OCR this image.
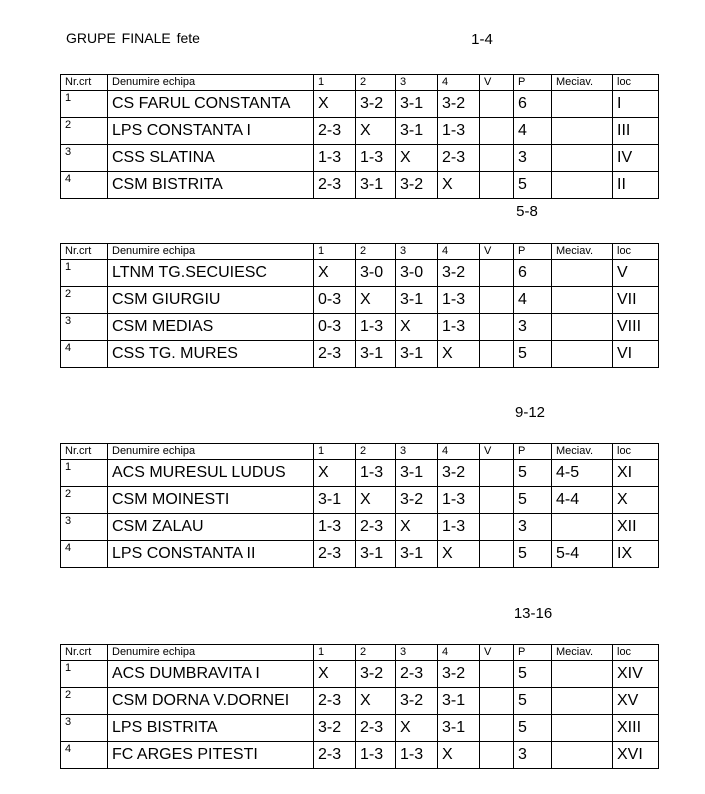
GRUPE FINALE fete	1-4
Nr.crt	Denumire echipa	1	2	3	4	V	P	Meciav.	loc
1	CS FARUL CONSTANTA	X	3-2	3-1	3-2		6		I
2	LPS CONSTANTA I	2-3	X	3-1	1-3		4		III
3	CSS SLATINA	1-3	1-3	X	2-3		3		IV
4	CSM BISTRITA	2-3	3-1	3-2	X		5		II
5-8
Nr.crt	Denumire echipa	1	2	3	4	V	P	Meciav.	loc
1	LTNM TG.SECUIESC	X	3-0	3-0	3-2		6		V
2	CSM GIURGIU	0-3	X	3-1	1-3		4		VII
3	CSM MEDIAS	0-3	1-3	X	1-3		3		VIII
4	CSS TG. MURES	2-3	3-1	3-1	X		5		VI
9-12
Nr.crt	Denumire echipa	1	2	3	4	V	P	Meciav.	loc
1	ACS MURESUL LUDUS	X	1-3	3-1	3-2		5	4-5	XI
2	CSM MOINESTI	3-1	X	3-2	1-3		5	4-4	X
3	CSM ZALAU	1-3	2-3	X	1-3		3		XII
4	LPS CONSTANTA II	2-3	3-1	3-1	X		5	5-4	IX
13-16
Nr.crt	Denumire echipa	1	2	3	4	V	P	Meciav.	loc
1	ACS DUMBRAVITA I	X	3-2	2-3	3-2		5		XIV
2	CSM DORNA V.DORNEI	2-3	X	3-2	3-1		5		XV
3	LPS BISTRITA	3-2	2-3	X	3-1		5		XIII
4	FC ARGES PITESTI	2-3	1-3	1-3	X		3		XVI
